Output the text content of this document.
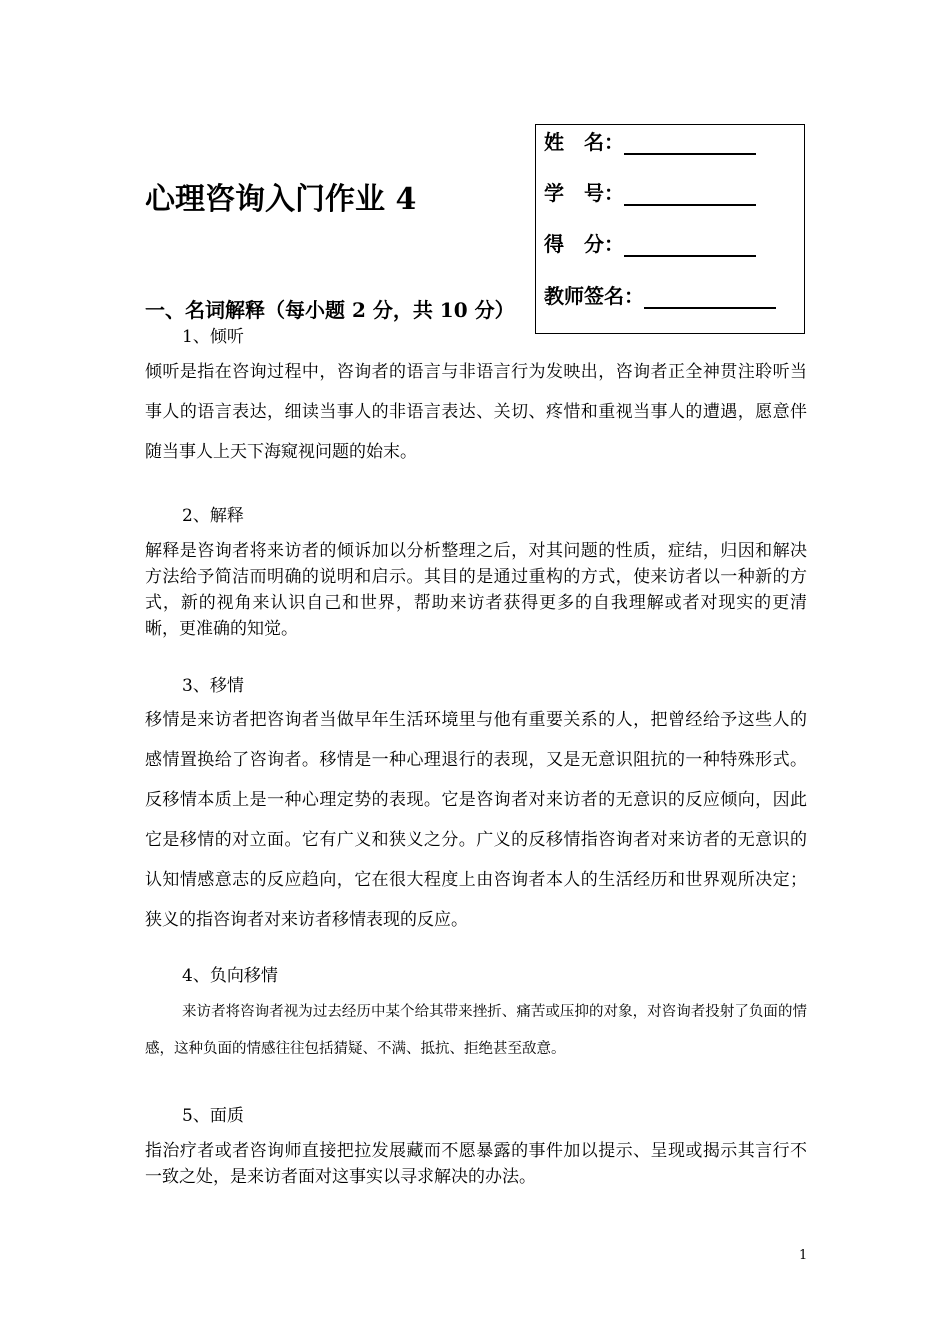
姓　名：
学　号：
得　分：
教师签名：
心理咨询入门作业 4
一、名词解释（每小题 2 分，共 10 分）
1、倾听

倾听是指在咨询过程中，咨询者的语言与非语言行为发映出，咨询者正全神贯注聆听当事人的语言表达，细读当事人的非语言表达、关切、疼惜和重视当事人的遭遇，愿意伴随当事人上天下海窥视问题的始末。

2、解释

解释是咨询者将来访者的倾诉加以分析整理之后，对其问题的性质，症结，归因和解决方法给予简洁而明确的说明和启示。其目的是通过重构的方式，使来访者以一种新的方式，新的视角来认识自己和世界，帮助来访者获得更多的自我理解或者对现实的更清晰，更准确的知觉。

3、移情

移情是来访者把咨询者当做早年生活环境里与他有重要关系的人，把曾经给予这些人的感情置换给了咨询者。移情是一种心理退行的表现，又是无意识阻抗的一种特殊形式。反移情本质上是一种心理定势的表现。它是咨询者对来访者的无意识的反应倾向，因此它是移情的对立面。它有广义和狭义之分。广义的反移情指咨询者对来访者的无意识的认知情感意志的反应趋向，它在很大程度上由咨询者本人的生活经历和世界观所决定；狭义的指咨询者对来访者移情表现的反应。

4、负向移情

来访者将咨询者视为过去经历中某个给其带来挫折、痛苦或压抑的对象，对咨询者投射了负面的情感，这种负面的情感往往包括猜疑、不满、抵抗、拒绝甚至敌意。

5、面质

指治疗者或者咨询师直接把拉发展藏而不愿暴露的事件加以提示、呈现或揭示其言行不一致之处，是来访者面对这事实以寻求解决的办法。

1
